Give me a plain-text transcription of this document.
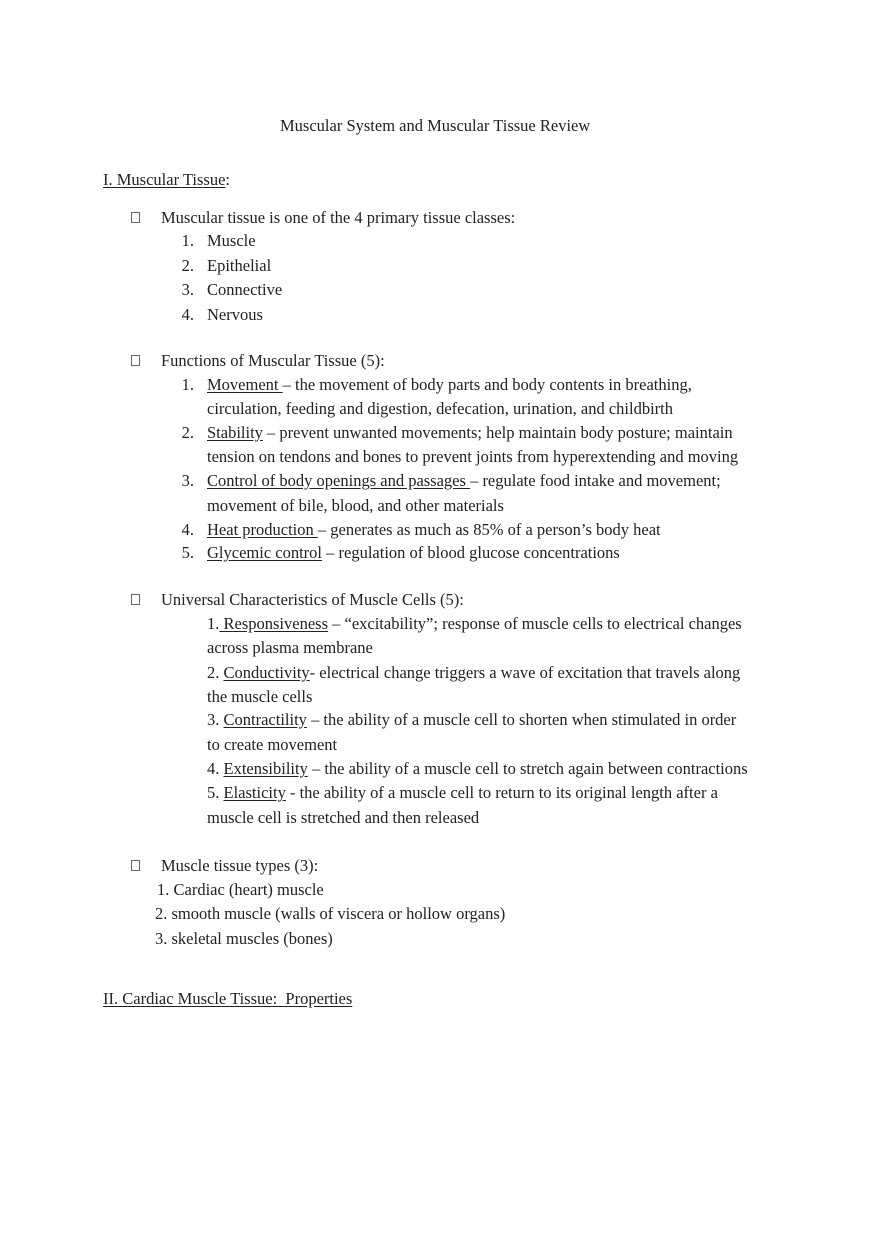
Muscular System and Muscular Tissue Review
I. Muscular Tissue:
Muscular tissue is one of the 4 primary tissue classes:
1. Muscle
2. Epithelial
3. Connective
4. Nervous
Functions of Muscular Tissue (5):
1. Movement – the movement of body parts and body contents in breathing,
circulation, feeding and digestion, defecation, urination, and childbirth
2. Stability – prevent unwanted movements; help maintain body posture; maintain
tension on tendons and bones to prevent joints from hyperextending and moving
3. Control of body openings and passages – regulate food intake and movement;
movement of bile, blood, and other materials
4. Heat production – generates as much as 85% of a person’s body heat
5. Glycemic control – regulation of blood glucose concentrations
Universal Characteristics of Muscle Cells (5):
1. Responsiveness – “excitability”; response of muscle cells to electrical changes
across plasma membrane
2. Conductivity- electrical change triggers a wave of excitation that travels along
the muscle cells
3. Contractility – the ability of a muscle cell to shorten when stimulated in order
to create movement
4. Extensibility – the ability of a muscle cell to stretch again between contractions
5. Elasticity - the ability of a muscle cell to return to its original length after a
muscle cell is stretched and then released
Muscle tissue types (3):
1. Cardiac (heart) muscle
2. smooth muscle (walls of viscera or hollow organs)
3. skeletal muscles (bones)
II. Cardiac Muscle Tissue:  Properties
